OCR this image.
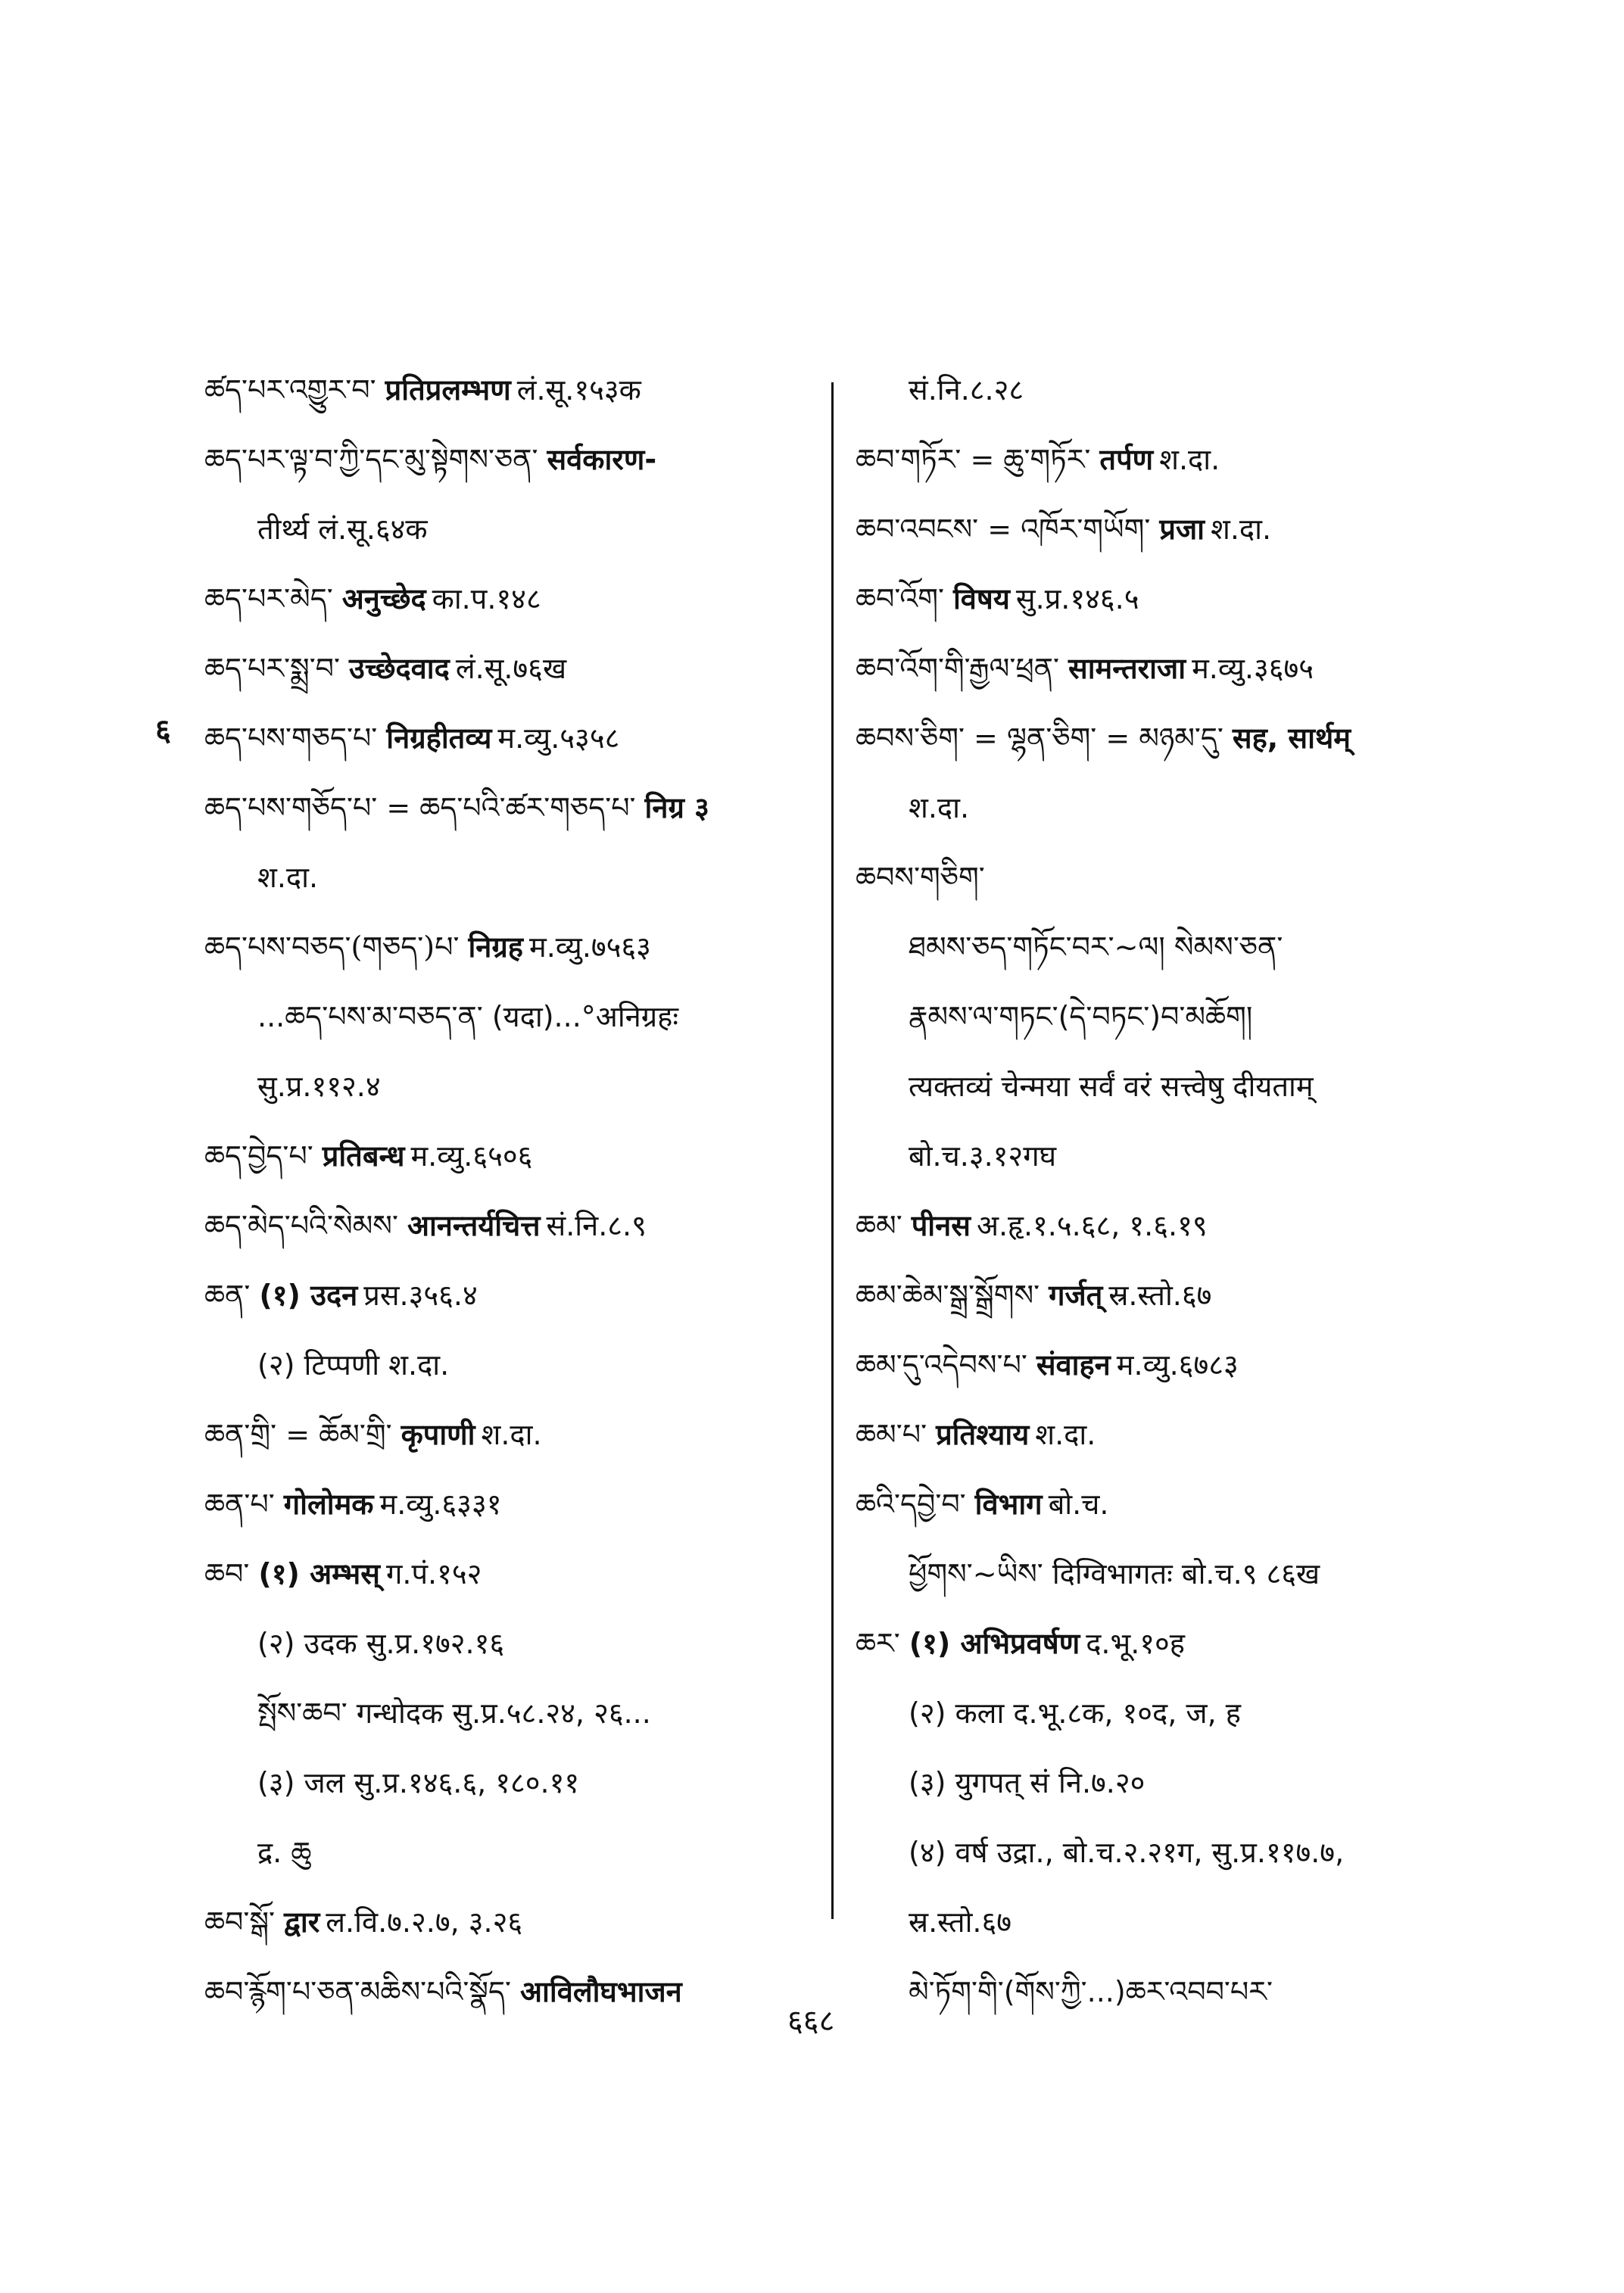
ཚད་པར་འགྱུར་བ་ प्रतिप्रलम्भण लं.सू.१५३क
ཆད་པར་ལྟ་བ་ཀྱི་དང་མུ་སྟེགས་ཅན་ सर्वकारण-
तीर्थ्य लं.सू.६४क
ཆད་པར་མེད་ अनुच्छेद का.प.१४८
ཆད་པར་སྨྲ་བ་ उच्छेदवाद लं.सू.७६ख
ཆད་པས་གཅད་པ་ निग्रहीतव्य म.व्यु.५३५८
ཆད་པས་གཅོད་པ་ = ཆད་པའི་ཚར་གཅད་པ་ निग्र ३
श.दा.
ཆད་པས་བཅད་(གཅད་)པ་ निग्रह म.व्यु.७५६३
...ཆད་པས་མ་བཅད་ན་ (यदा)...°अनिग्रहः
सु.प्र.११२.४
ཆད་བྱེད་པ་ प्रतिबन्ध म.व्यु.६५०६
ཆད་མེད་པའི་སེམས་ आनन्तर्यचित्त सं.नि.८.९
ཆན་ (१) उदन प्रस.३५६.४
(२) टिप्पणी श.दा.
ཆན་གྲི་ = ཆོམ་གྲི་ कृपाणी श.दा.
ཆན་པ་ गोलोमक म.व्यु.६३३१
ཆབ་ (१) अम्भस् ग.पं.१५२
(२) उदक सु.प्र.१७२.१६
སྤོས་ཆབ་ गन्धोदक सु.प्र.५८.२४, २६...
(३) जल सु.प्र.१४६.६, १८०.११
द्र. ཆུ
ཆབ་སྒོ་ द्वार ल.वि.७.२.७, ३.२६
ཆབ་རྙོག་པ་ཅན་མཆིས་པའི་སྣོད་ आविलौघभाजन
सं.नि.८.२८
ཆབ་གཏོར་ = ཆུ་གཏོར་ तर्पण श.दा.
ཆབ་འབངས་ = འཁོར་གཡོག་ प्रजा श.दा.
ཆབ་འོག་ विषय सु.प्र.१४६.५
ཆབ་འོག་གི་རྒྱལ་ཕྲན་ सामन्तराजा म.व्यु.३६७५
ཆབས་ཅིག་ = ལྷན་ཅིག་ = མཉམ་དུ་ सह, सार्थम्
श.दा.
ཆབས་གཅིག་
ཐམས་ཅད་གཏོང་བར་~ལ། སེམས་ཅན་
རྣམས་ལ་གཏང་(དེ་བཏང་)བ་མཆོག།
त्यक्तव्यं चेन्मया सर्वं वरं सत्त्वेषु दीयताम्
बो.च.३.१२गघ
ཆམ་ पीनस अ.हृ.१.५.६८, १.६.१९
ཆམ་ཆེམ་སྒྲ་སྒྲོགས་ गर्जत् स्र.स्तो.६७
ཆམ་དུ་འདེབས་པ་ संवाहन म.व्यु.६७८३
ཆམ་པ་ प्रतिश्याय श.दा.
ཆའི་དབྱེ་བ་ विभाग बो.च.
ཕྱོགས་~ཡིས་ दिग्विभागतः बो.च.९ ८६ख
ཆར་ (१) अभिप्रवर्षण द.भू.१०ह
(२) कला द.भू.८क, १०द, ज, ह
(३) युगपत् सं नि.७.२०
(४) वर्ष उद्रा., बो.च.२.२१ग, सु.प्र.११७.७,
स्र.स्तो.६७
མེ་ཏོག་གི་(གོས་ཀྱི་...)ཆར་འབབ་པར་
६
६६८
